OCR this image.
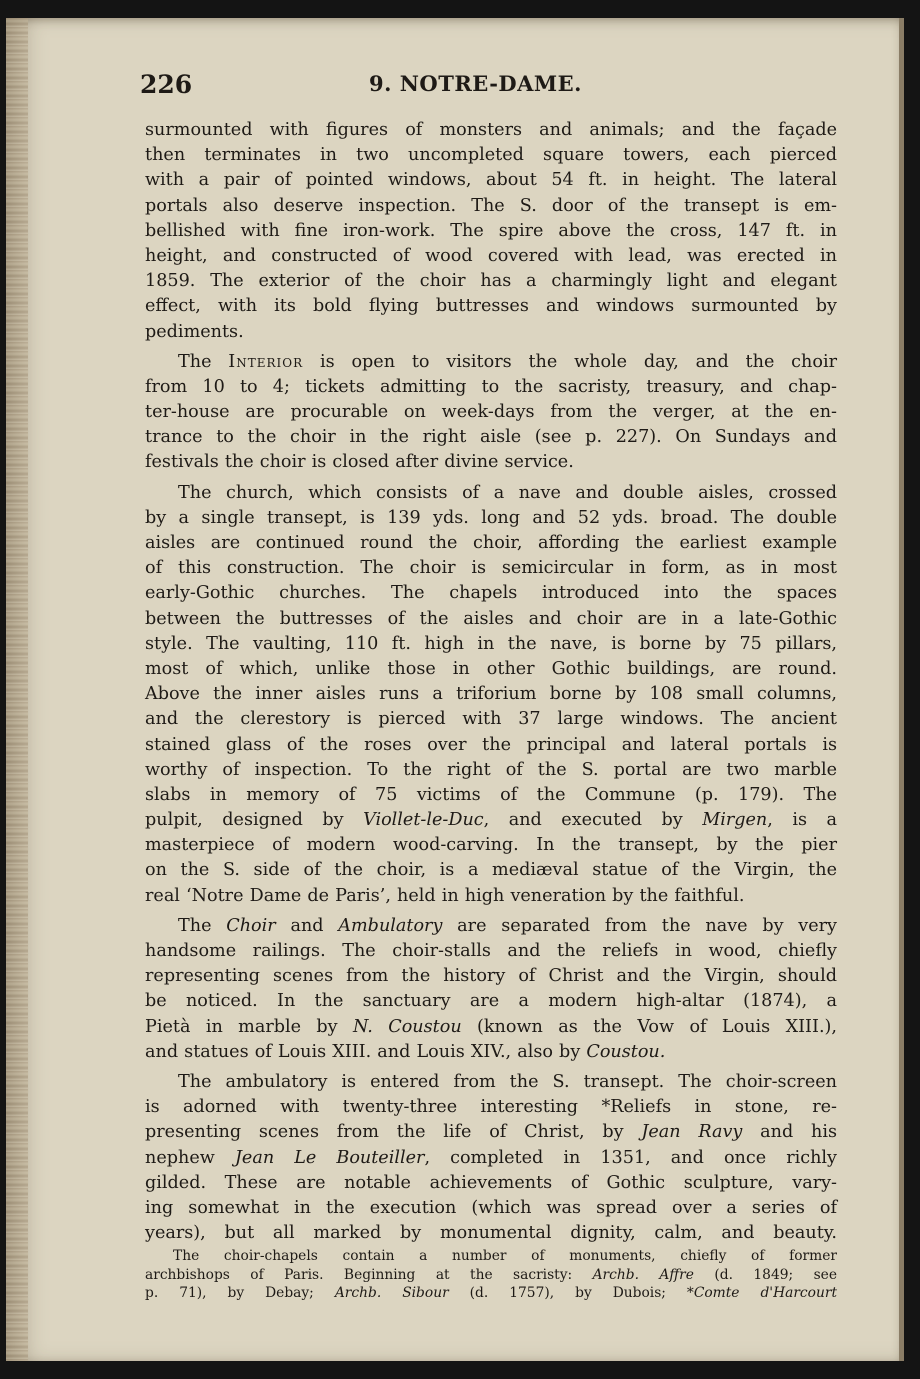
226	9. NOTRE-DAME.
surmounted with figures of monsters and animals; and the façade
then terminates in two uncompleted square towers, each pierced
with a pair of pointed windows, about 54 ft. in height. The lateral
portals also deserve inspection. The S. door of the transept is em-
bellished with fine iron-work. The spire above the cross, 147 ft. in
height, and constructed of wood covered with lead, was erected in
1859. The exterior of the choir has a charmingly light and elegant
effect, with its bold flying buttresses and windows surmounted by
pediments.
The Interior is open to visitors the whole day, and the choir
from 10 to 4; tickets admitting to the sacristy, treasury, and chap-
ter-house are procurable on week-days from the verger, at the en-
trance to the choir in the right aisle (see p. 227). On Sundays and
festivals the choir is closed after divine service.
The church, which consists of a nave and double aisles, crossed
by a single transept, is 139 yds. long and 52 yds. broad. The double
aisles are continued round the choir, affording the earliest example
of this construction. The choir is semicircular in form, as in most
early-Gothic churches. The chapels introduced into the spaces
between the buttresses of the aisles and choir are in a late-Gothic
style. The vaulting, 110 ft. high in the nave, is borne by 75 pillars,
most of which, unlike those in other Gothic buildings, are round.
Above the inner aisles runs a triforium borne by 108 small columns,
and the clerestory is pierced with 37 large windows. The ancient
stained glass of the roses over the principal and lateral portals is
worthy of inspection. To the right of the S. portal are two marble
slabs in memory of 75 victims of the Commune (p. 179). The
pulpit, designed by Viollet-le-Duc, and executed by Mirgen, is a
masterpiece of modern wood-carving. In the transept, by the pier
on the S. side of the choir, is a mediæval statue of the Virgin, the
real ‘Notre Dame de Paris’, held in high veneration by the faithful.
The Choir and Ambulatory are separated from the nave by very
handsome railings. The choir-stalls and the reliefs in wood, chiefly
representing scenes from the history of Christ and the Virgin, should
be noticed. In the sanctuary are a modern high-altar (1874), a
Pietà in marble by N. Coustou (known as the Vow of Louis XIII.),
and statues of Louis XIII. and Louis XIV., also by Coustou.
The ambulatory is entered from the S. transept. The choir-screen
is adorned with twenty-three interesting *Reliefs in stone, re-
presenting scenes from the life of Christ, by Jean Ravy and his
nephew Jean Le Bouteiller, completed in 1351, and once richly
gilded. These are notable achievements of Gothic sculpture, vary-
ing somewhat in the execution (which was spread over a series of
years), but all marked by monumental dignity, calm, and beauty.
The choir-chapels contain a number of monuments, chiefly of former
archbishops of Paris. Beginning at the sacristy: Archb. Affre (d. 1849; see
p. 71), by Debay; Archb. Sibour (d. 1757), by Dubois; *Comte d'Harcourt
